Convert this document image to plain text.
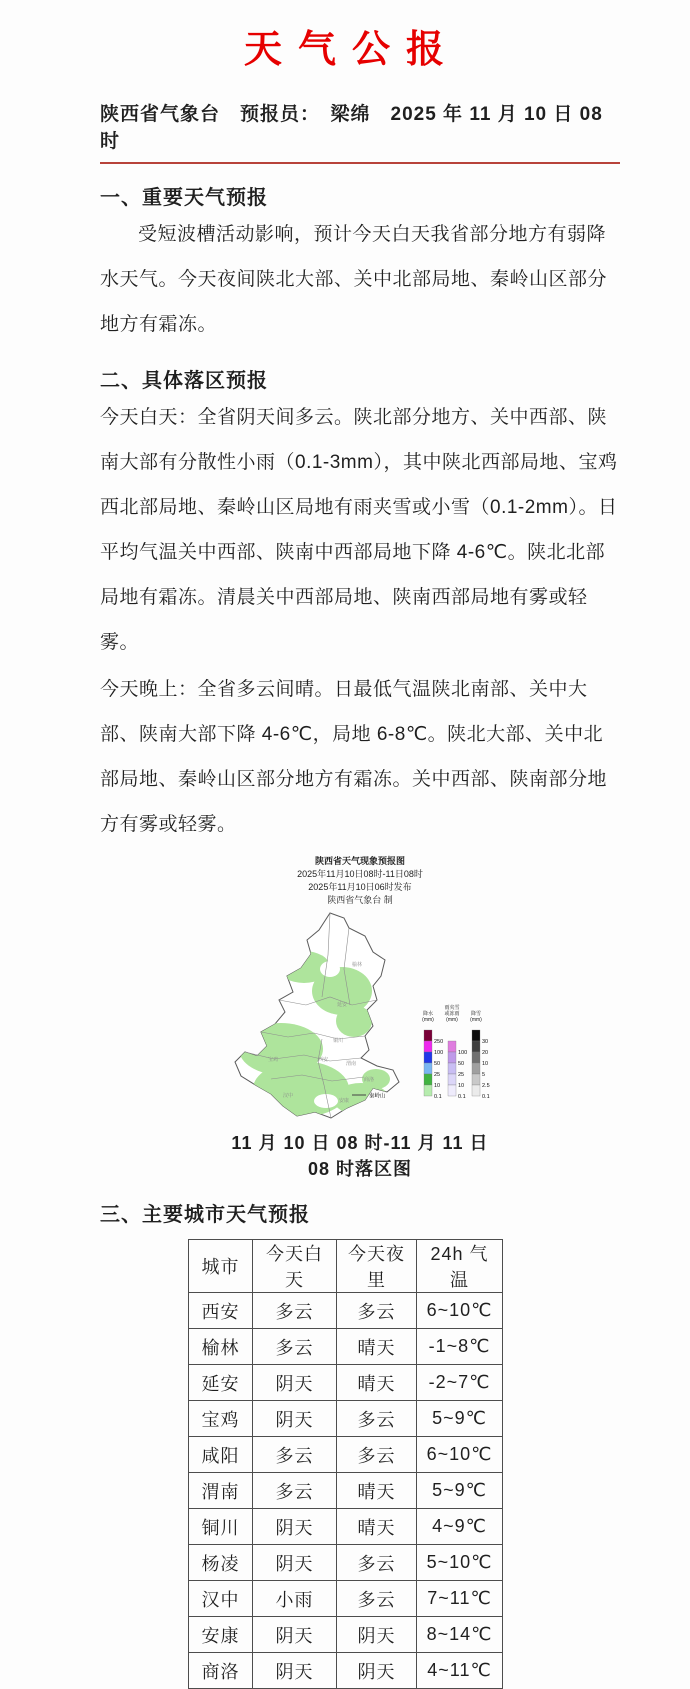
天气公报
陕西省气象台　预报员：　梁绵　2025 年 11 月 10 日 08 时
一、重要天气预报

受短波槽活动影响，预计今天白天我省部分地方有弱降水天气。今天夜间陕北大部、关中北部局地、秦岭山区部分地方有霜冻。

二、具体落区预报

今天白天：全省阴天间多云。陕北部分地方、关中西部、陕南大部有分散性小雨（0.1-3mm），其中陕北西部局地、宝鸡西北部局地、秦岭山区局地有雨夹雪或小雪（0.1-2mm）。日平均气温关中西部、陕南中西部局地下降 4-6℃。陕北北部局地有霜冻。清晨关中西部局地、陕南西部局地有雾或轻雾。

今天晚上：全省多云间晴。日最低气温陕北南部、关中大部、陕南大部下降 4-6℃，局地 6-8℃。陕北大部、关中北部局地、秦岭山区部分地方有霜冻。关中西部、陕南部分地方有雾或轻雾。

陕西省天气现象预报图
2025年11月10日08时-11日08时
2025年11月10日06时发布
陕西省气象台 制
榆林
延安
铜川
宝鸡	西安
渭南
商洛
汉中
安康
秦岭山
降水
(mm)
250
100
50
25
10
0.1
雨夹雪
或冻雨
(mm)
100
50
25
10
0.1
降雪
(mm)
30
20
10
5
2.5
0.1
11 月 10 日 08 时-11 月 11 日 08 时落区图
三、主要城市天气预报
城市	今天白天	今天夜里	24h 气温
西安	多云	多云	6~10℃
榆林	多云	晴天	-1~8℃
延安	阴天	晴天	-2~7℃
宝鸡	阴天	多云	5~9℃
咸阳	多云	多云	6~10℃
渭南	多云	晴天	5~9℃
铜川	阴天	晴天	4~9℃
杨凌	阴天	多云	5~10℃
汉中	小雨	多云	7~11℃
安康	阴天	阴天	8~14℃
商洛	阴天	阴天	4~11℃
